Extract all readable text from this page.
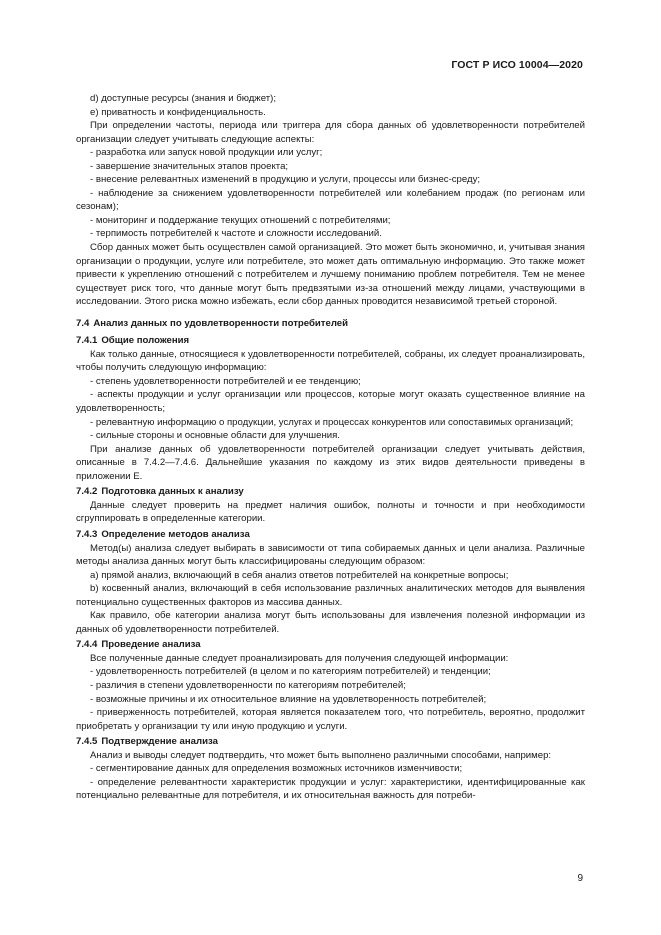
ГОСТ Р ИСО 10004—2020

d) доступные ресурсы (знания и бюджет);

e) приватность и конфиденциальность.

При определении частоты, периода или триггера для сбора данных об удовлетворенности потребителей организации следует учитывать следующие аспекты:

- разработка или запуск новой продукции или услуг;

- завершение значительных этапов проекта;

- внесение релевантных изменений в продукцию и услуги, процессы или бизнес-среду;

- наблюдение за снижением удовлетворенности потребителей или колебанием продаж (по регионам или сезонам);

- мониторинг и поддержание текущих отношений с потребителями;

- терпимость потребителей к частоте и сложности исследований.

Сбор данных может быть осуществлен самой организацией. Это может быть экономично, и, учитывая знания организации о продукции, услуге или потребителе, это может дать оптимальную информацию. Это также может привести к укреплению отношений с потребителем и лучшему пониманию проблем потребителя. Тем не менее существует риск того, что данные могут быть предвзятыми из-за отношений между лицами, участвующими в исследовании. Этого риска можно избежать, если сбор данных проводится независимой третьей стороной.

7.4 Анализ данных по удовлетворенности потребителей
7.4.1 Общие положения

Как только данные, относящиеся к удовлетворенности потребителей, собраны, их следует проанализировать, чтобы получить следующую информацию:

- степень удовлетворенности потребителей и ее тенденцию;

- аспекты продукции и услуг организации или процессов, которые могут оказать существенное влияние на удовлетворенность;

- релевантную информацию о продукции, услугах и процессах конкурентов или сопоставимых организаций;

- сильные стороны и основные области для улучшения.

При анализе данных об удовлетворенности потребителей организации следует учитывать действия, описанные в 7.4.2—7.4.6. Дальнейшие указания по каждому из этих видов деятельности приведены в приложении Е.

7.4.2 Подготовка данных к анализу

Данные следует проверить на предмет наличия ошибок, полноты и точности и при необходимости сгруппировать в определенные категории.

7.4.3 Определение методов анализа

Метод(ы) анализа следует выбирать в зависимости от типа собираемых данных и цели анализа. Различные методы анализа данных могут быть классифицированы следующим образом:

a) прямой анализ, включающий в себя анализ ответов потребителей на конкретные вопросы;

b) косвенный анализ, включающий в себя использование различных аналитических методов для выявления потенциально существенных факторов из массива данных.

Как правило, обе категории анализа могут быть использованы для извлечения полезной информации из данных об удовлетворенности потребителей.

7.4.4 Проведение анализа

Все полученные данные следует проанализировать для получения следующей информации:

- удовлетворенность потребителей (в целом и по категориям потребителей) и тенденции;

- различия в степени удовлетворенности по категориям потребителей;

- возможные причины и их относительное влияние на удовлетворенность потребителей;

- приверженность потребителей, которая является показателем того, что потребитель, вероятно, продолжит приобретать у организации ту или иную продукцию и услуги.

7.4.5 Подтверждение анализа

Анализ и выводы следует подтвердить, что может быть выполнено различными способами, например:

- сегментирование данных для определения возможных источников изменчивости;

- определение релевантности характеристик продукции и услуг: характеристики, идентифицированные как потенциально релевантные для потребителя, и их относительная важность для потреби-

9
